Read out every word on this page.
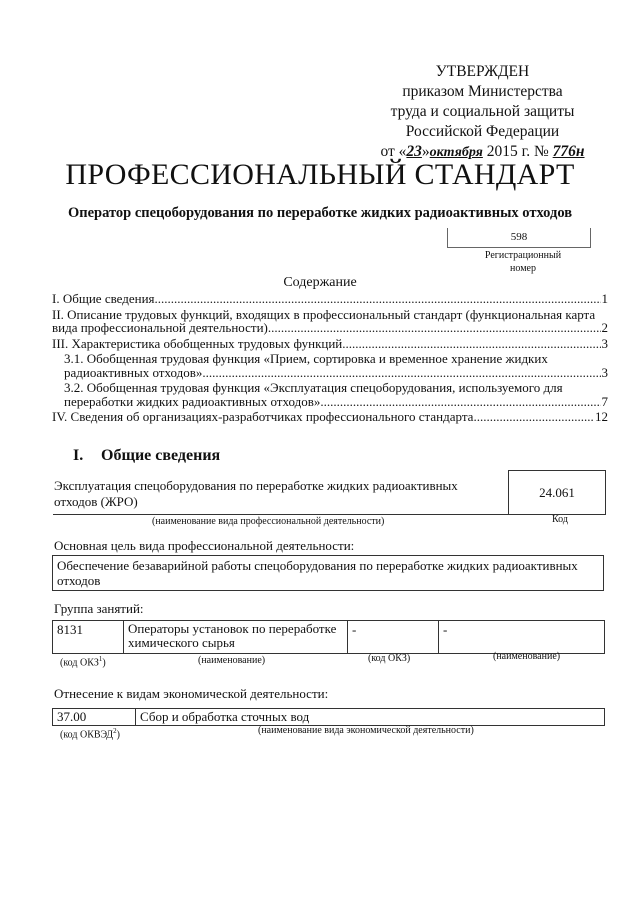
УТВЕРЖДЕН
приказом Министерства
труда и социальной защиты
Российской Федерации
от «23»октября 2015 г. № 776н
ПРОФЕССИОНАЛЬНЫЙ СТАНДАРТ
Оператор спецоборудования по переработке жидких радиоактивных отходов
598
Регистрационный номер
Содержание
I. Общие сведения .....	1
II. Описание трудовых функций, входящих в профессиональный стандарт (функциональная карта
вида профессиональной деятельности) .....	2
III. Характеристика обобщенных трудовых функций .....	3
3.1. Обобщенная трудовая функция «Прием, сортировка и временное хранение жидких
радиоактивных отходов» .....	3
3.2. Обобщенная трудовая функция «Эксплуатация спецоборудования, используемого для
переработки жидких радиоактивных отходов» .....	7
IV. Сведения об организациях-разработчиках профессионального стандарта .....	12
I. Общие сведения
Эксплуатация спецоборудования по переработке жидких радиоактивных отходов (ЖРО)
24.061
(наименование вида профессиональной деятельности)	Код
Основная цель вида профессиональной деятельности:
Обеспечение безаварийной работы спецоборудования по переработке жидких радиоактивных отходов
Группа занятий:
8131	Операторы установок по переработке химического сырья	-	-
(код ОКЗ$^1$)	(наименование)	(код ОКЗ)	(наименование)
Отнесение к видам экономической деятельности:
37.00	Сбор и обработка сточных вод
(код ОКВЭД$^2$)	(наименование вида экономической деятельности)
